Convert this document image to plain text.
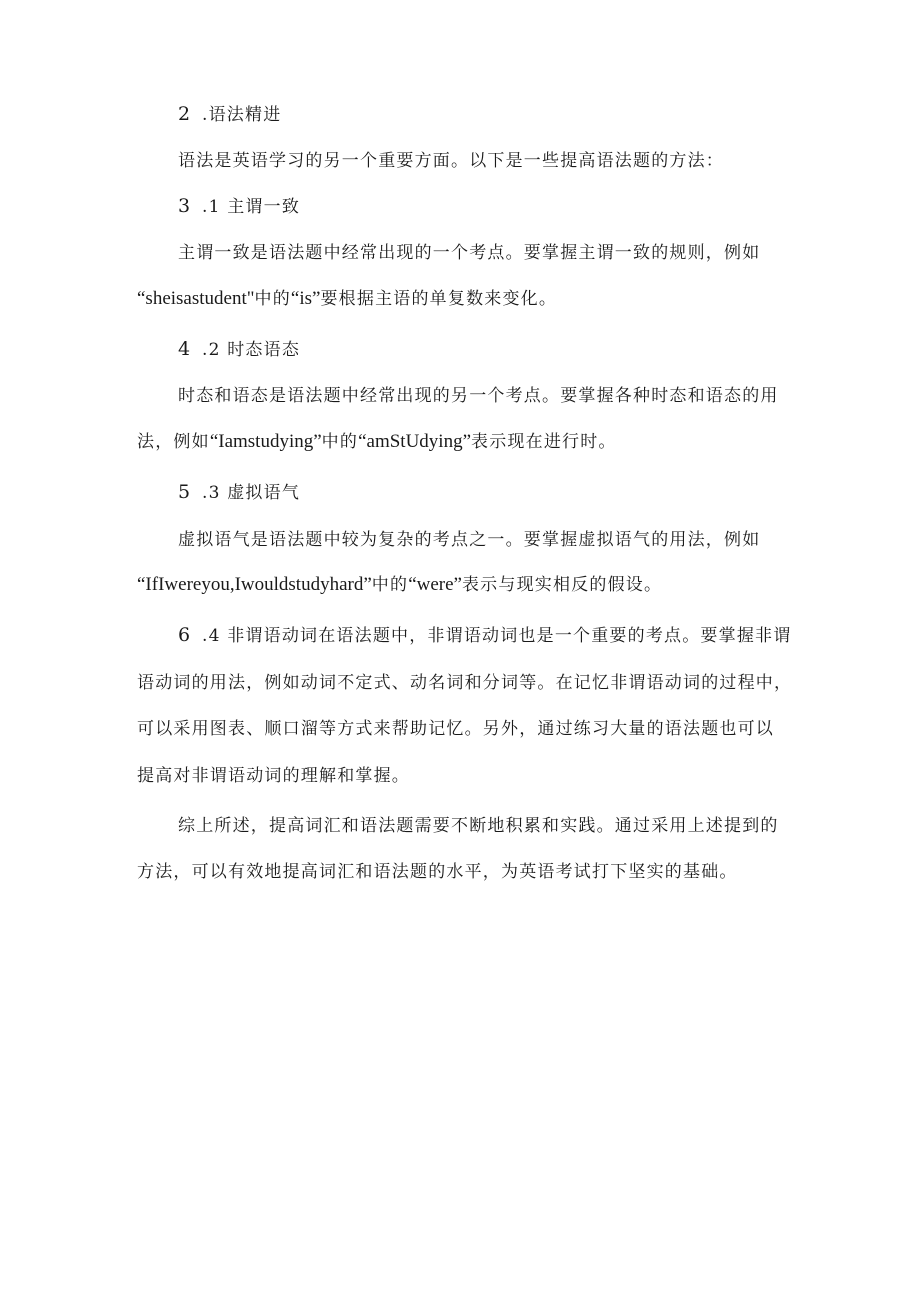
2 .语法精进
语法是英语学习的另一个重要方面。以下是一些提高语法题的方法：
3 .1 主谓一致
主谓一致是语法题中经常出现的一个考点。要掌握主谓一致的规则，例如
“sheisastudent"中的“is”要根据主语的单复数来变化。
4 .2 时态语态
时态和语态是语法题中经常出现的另一个考点。要掌握各种时态和语态的用
法，例如“Iamstudying”中的“amStUdying”表示现在进行时。
5 .3 虚拟语气
虚拟语气是语法题中较为复杂的考点之一。要掌握虚拟语气的用法，例如
“IfIwereyou,Iwouldstudyhard”中的“were”表示与现实相反的假设。
6 .4 非谓语动词在语法题中，非谓语动词也是一个重要的考点。要掌握非谓
语动词的用法，例如动词不定式、动名词和分词等。在记忆非谓语动词的过程中，
可以采用图表、顺口溜等方式来帮助记忆。另外，通过练习大量的语法题也可以
提高对非谓语动词的理解和掌握。
综上所述，提高词汇和语法题需要不断地积累和实践。通过采用上述提到的
方法，可以有效地提高词汇和语法题的水平，为英语考试打下坚实的基础。
